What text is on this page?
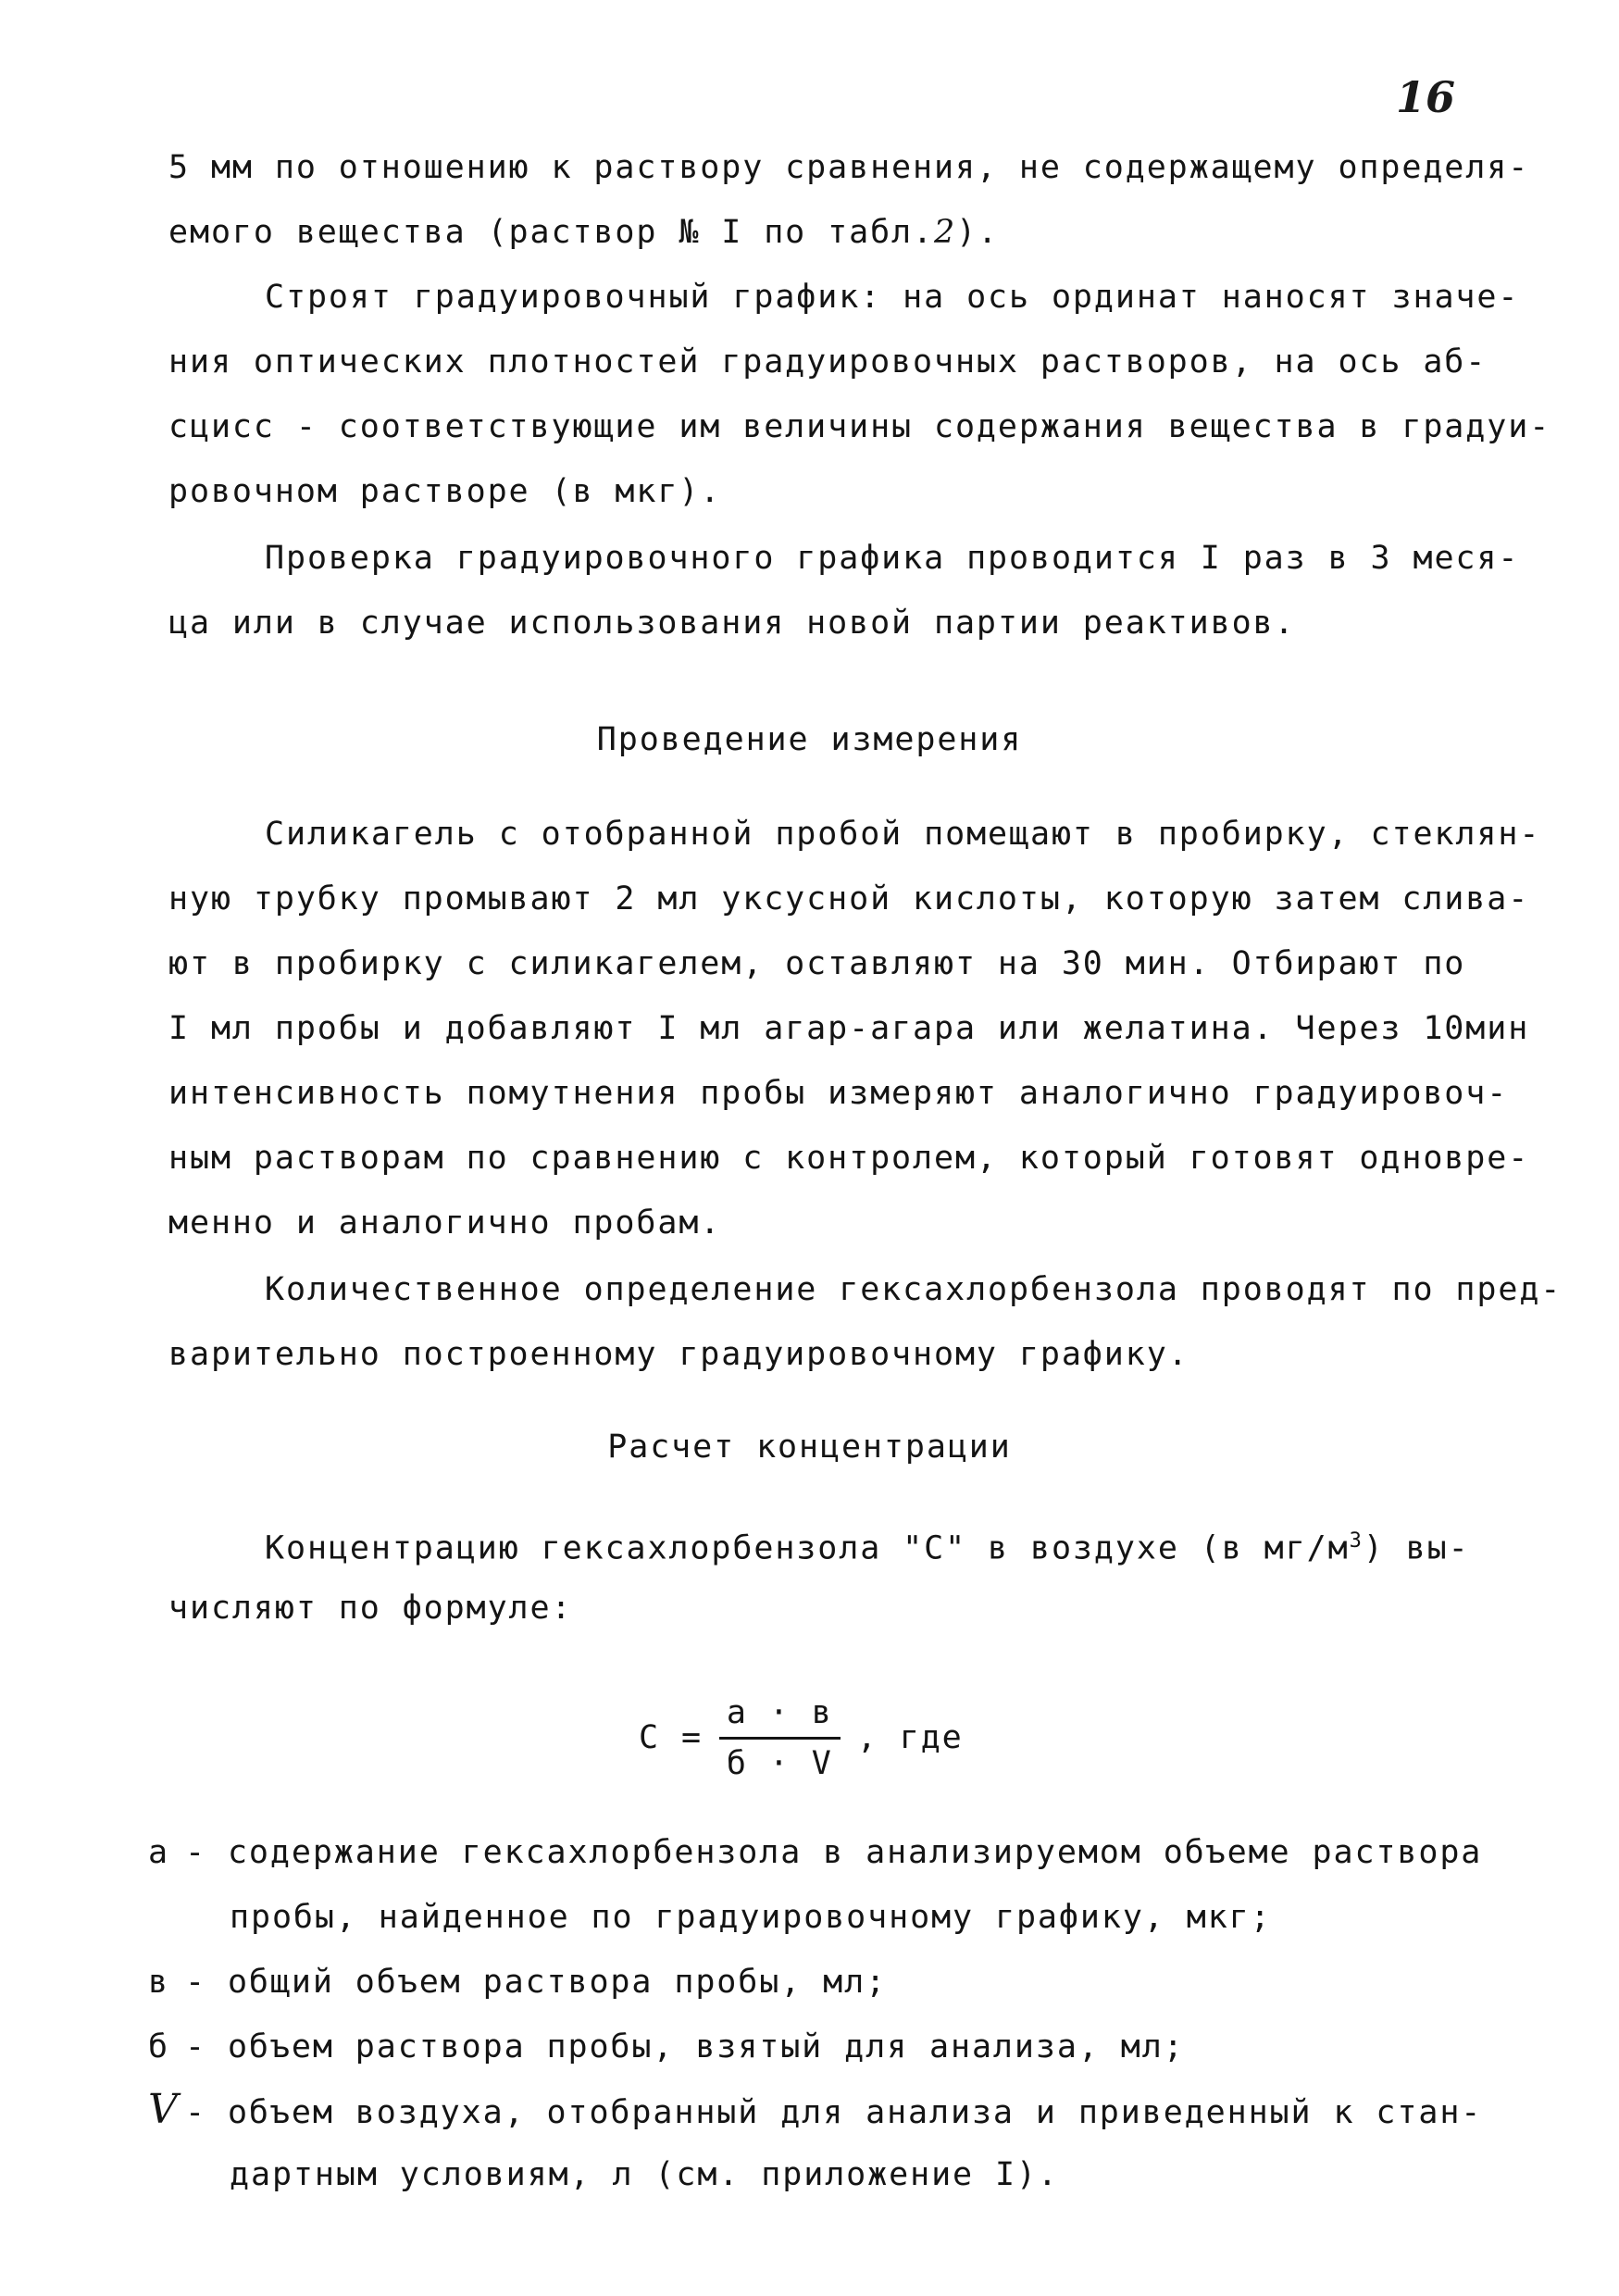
16
5 мм по отношению к раствору сравнения, не содержащему определя-
емого вещества (раствор № I по табл.2).
Строят градуировочный график: на ось ординат наносят значе-
ния оптических плотностей градуировочных растворов, на ось аб-
сцисс - соответствующие им величины содержания вещества в градуи-
ровочном растворе (в мкг).
Проверка градуировочного графика проводится I раз в 3 меся-
ца или в случае использования новой партии реактивов.
Проведение измерения
Силикагель с отобранной пробой помещают в пробирку, стеклян-
ную трубку промывают 2 мл уксусной кислоты, которую затем слива-
ют в пробирку с силикагелем, оставляют на 30 мин. Отбирают по
I мл пробы и добавляют I мл агар-агара или желатина. Через 10мин
интенсивность помутнения пробы измеряют аналогично градуировоч-
ным растворам по сравнению с контролем, который готовят одновре-
менно и аналогично пробам.
Количественное определение гексахлорбензола проводят по пред-
варительно построенному градуировочному графику.
Расчет концентрации
Концентрацию гексахлорбензола "С" в воздухе (в $мг/м^3$) вы-
числяют по формуле:
$С = \frac{а \cdot в}{б \cdot V}$ , где
а - содержание гексахлорбензола в анализируемом объеме раствора
пробы, найденное по градуировочному графику, мкг;
в - общий объем раствора пробы, мл;
б - объем раствора пробы, взятый для анализа, мл;
V - объем воздуха, отобранный для анализа и приведенный к стан-
дартным условиям, л (см. приложение I).
